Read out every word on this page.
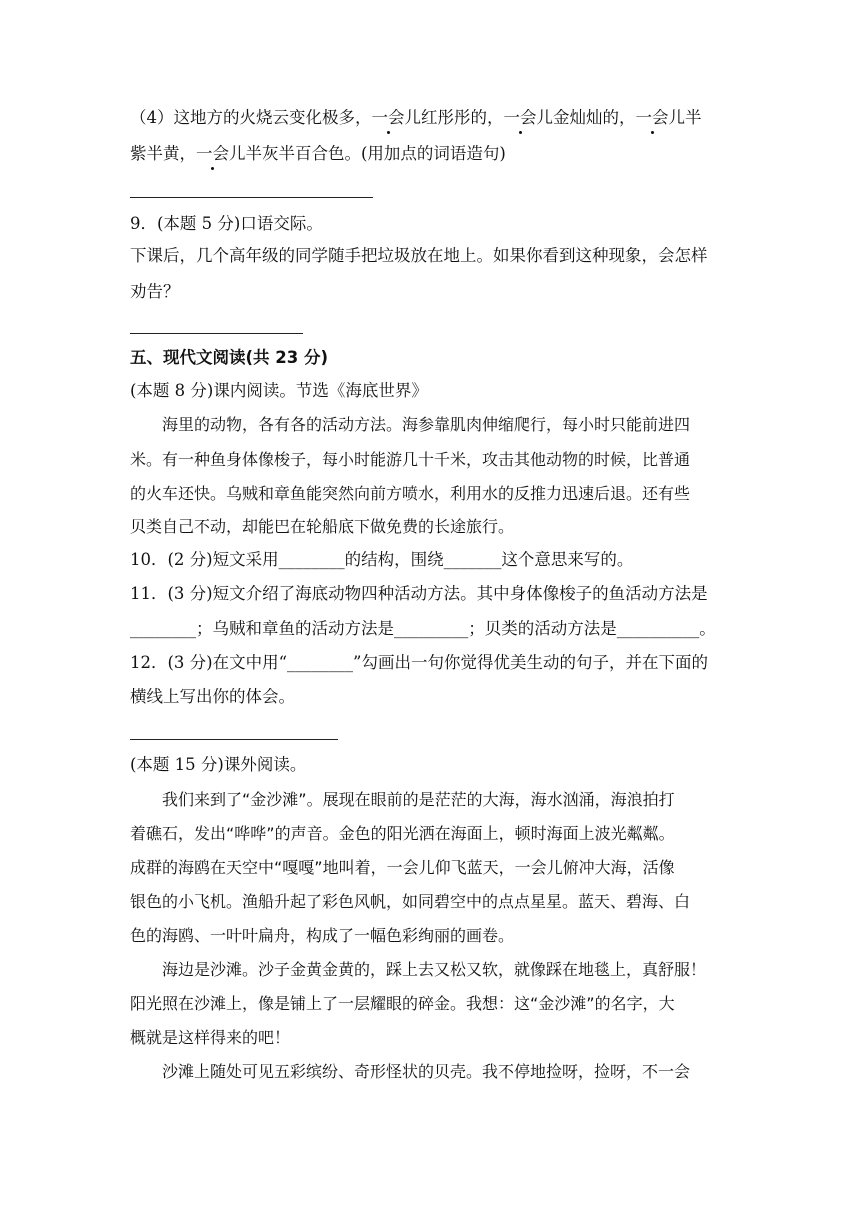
（4）这地方的火烧云变化极多，一会儿红彤彤的，一会儿金灿灿的，一会儿半
紫半黄，一会儿半灰半百合色。(用加点的词语造句)
9．(本题 5 分)口语交际。
下课后，几个高年级的同学随手把垃圾放在地上。如果你看到这种现象，会怎样
劝告？
五、现代文阅读(共 23 分)
(本题 8 分)课内阅读。节选《海底世界》
海里的动物，各有各的活动方法。海参靠肌肉伸缩爬行，每小时只能前进四
米。有一种鱼身体像梭子，每小时能游几十千米，攻击其他动物的时候，比普通
的火车还快。乌贼和章鱼能突然向前方喷水，利用水的反推力迅速后退。还有些
贝类自己不动，却能巴在轮船底下做免费的长途旅行。
10．(2 分)短文采用________的结构，围绕_______这个意思来写的。
11．(3 分)短文介绍了海底动物四种活动方法。其中身体像梭子的鱼活动方法是
________；乌贼和章鱼的活动方法是_________；贝类的活动方法是__________。
12．(3 分)在文中用“________”勾画出一句你觉得优美生动的句子，并在下面的
横线上写出你的体会。
(本题 15 分)课外阅读。
我们来到了“金沙滩”。展现在眼前的是茫茫的大海，海水汹涌，海浪拍打
着礁石，发出“哗哗”的声音。金色的阳光洒在海面上，顿时海面上波光粼粼。
成群的海鸥在天空中“嘎嘎”地叫着，一会儿仰飞蓝天，一会儿俯冲大海，活像
银色的小飞机。渔船升起了彩色风帆，如同碧空中的点点星星。蓝天、碧海、白
色的海鸥、一叶叶扁舟，构成了一幅色彩绚丽的画卷。
海边是沙滩。沙子金黄金黄的，踩上去又松又软，就像踩在地毯上，真舒服！
阳光照在沙滩上，像是铺上了一层耀眼的碎金。我想：这“金沙滩”的名字，大
概就是这样得来的吧！
沙滩上随处可见五彩缤纷、奇形怪状的贝壳。我不停地捡呀，捡呀，不一会
